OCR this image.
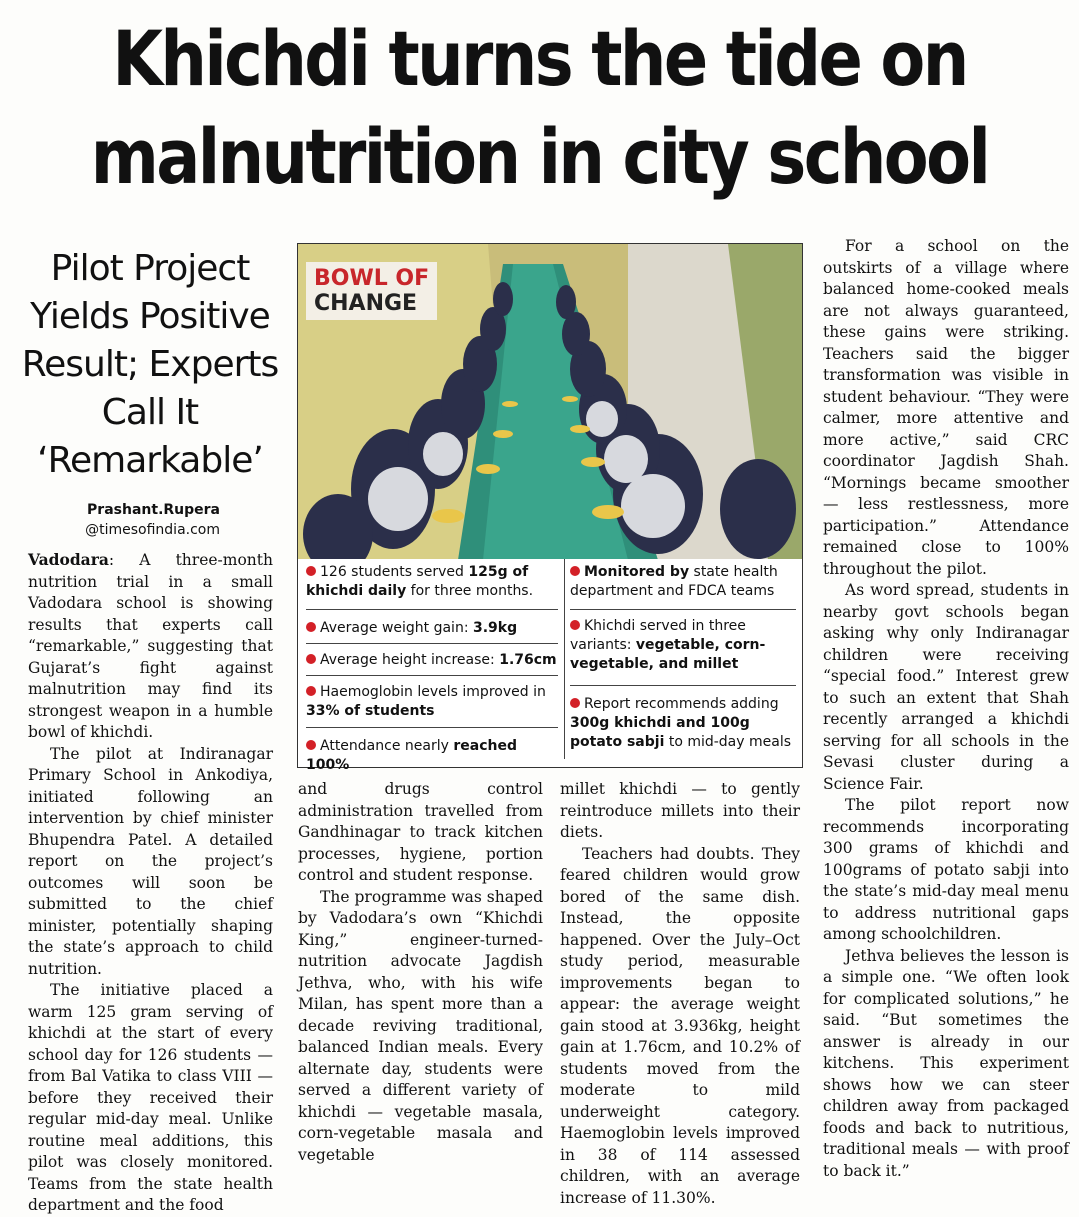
Khichdi turns the tide on
malnutrition in city school
Pilot Project
Yields Positive
Result; Experts
Call It
‘Remarkable’
Prashant.Rupera
@timesofindia.com
BOWL OF
CHANGE
126 students served 125g of khichdi daily for three months.
Average weight gain: 3.9kg
Average height increase: 1.76cm
Haemoglobin levels improved in 33% of students
Attendance nearly reached 100%
Monitored by state health department and FDCA teams
Khichdi served in three variants: vegetable, corn-vegetable, and millet
Report recommends adding 300g khichdi and 100g potato sabji to mid-day meals

Vadodara: A three-month nutrition trial in a small Vadodara school is showing results that experts call “remarkable,” suggesting that Gujarat’s fight against malnutrition may find its strongest weapon in a humble bowl of khichdi.

The pilot at Indiranagar Primary School in Ankodiya, initiated following an intervention by chief minister Bhupendra Patel. A detailed report on the project’s outcomes will soon be submitted to the chief minister, potentially shaping the state’s approach to child nutrition.

The initiative placed a warm 125 gram serving of khichdi at the start of every school day for 126 students — from Bal Vatika to class VIII — before they received their regular mid-day meal. Unlike routine meal additions, this pilot was closely monitored. Teams from the state health department and the food

and drugs control administration travelled from Gandhinagar to track kitchen processes, hygiene, portion control and student response.

The programme was shaped by Vadodara’s own “Khichdi King,” engineer-turned-nutrition advocate Jagdish Jethva, who, with his wife Milan, has spent more than a decade reviving traditional, balanced Indian meals. Every alternate day, students were served a different variety of khichdi — vegetable masala, corn-vegetable masala and vegetable

millet khichdi — to gently reintroduce millets into their diets.

Teachers had doubts. They feared children would grow bored of the same dish. Instead, the opposite happened. Over the July–Oct study period, measurable improvements began to appear: the average weight gain stood at 3.936kg, height gain at 1.76cm, and 10.2% of students moved from the moderate to mild underweight category. Haemoglobin levels improved in 38 of 114 assessed children, with an average increase of 11.30%.

For a school on the outskirts of a village where balanced home-cooked meals are not always guaranteed, these gains were striking. Teachers said the bigger transformation was visible in student behaviour. “They were calmer, more attentive and more active,” said CRC coordinator Jagdish Shah. “Mornings became smoother — less restlessness, more participation.” Attendance remained close to 100% throughout the pilot.

As word spread, students in nearby govt schools began asking why only Indiranagar children were receiving “special food.” Interest grew to such an extent that Shah recently arranged a khichdi serving for all schools in the Sevasi cluster during a Science Fair.

The pilot report now recommends incorporating 300 grams of khichdi and 100grams of potato sabji into the state’s mid-day meal menu to address nutritional gaps among schoolchildren.

Jethva believes the lesson is a simple one. “We often look for complicated solutions,” he said. “But sometimes the answer is already in our kitchens. This experiment shows how we can steer children away from packaged foods and back to nutritious, traditional meals — with proof to back it.”
